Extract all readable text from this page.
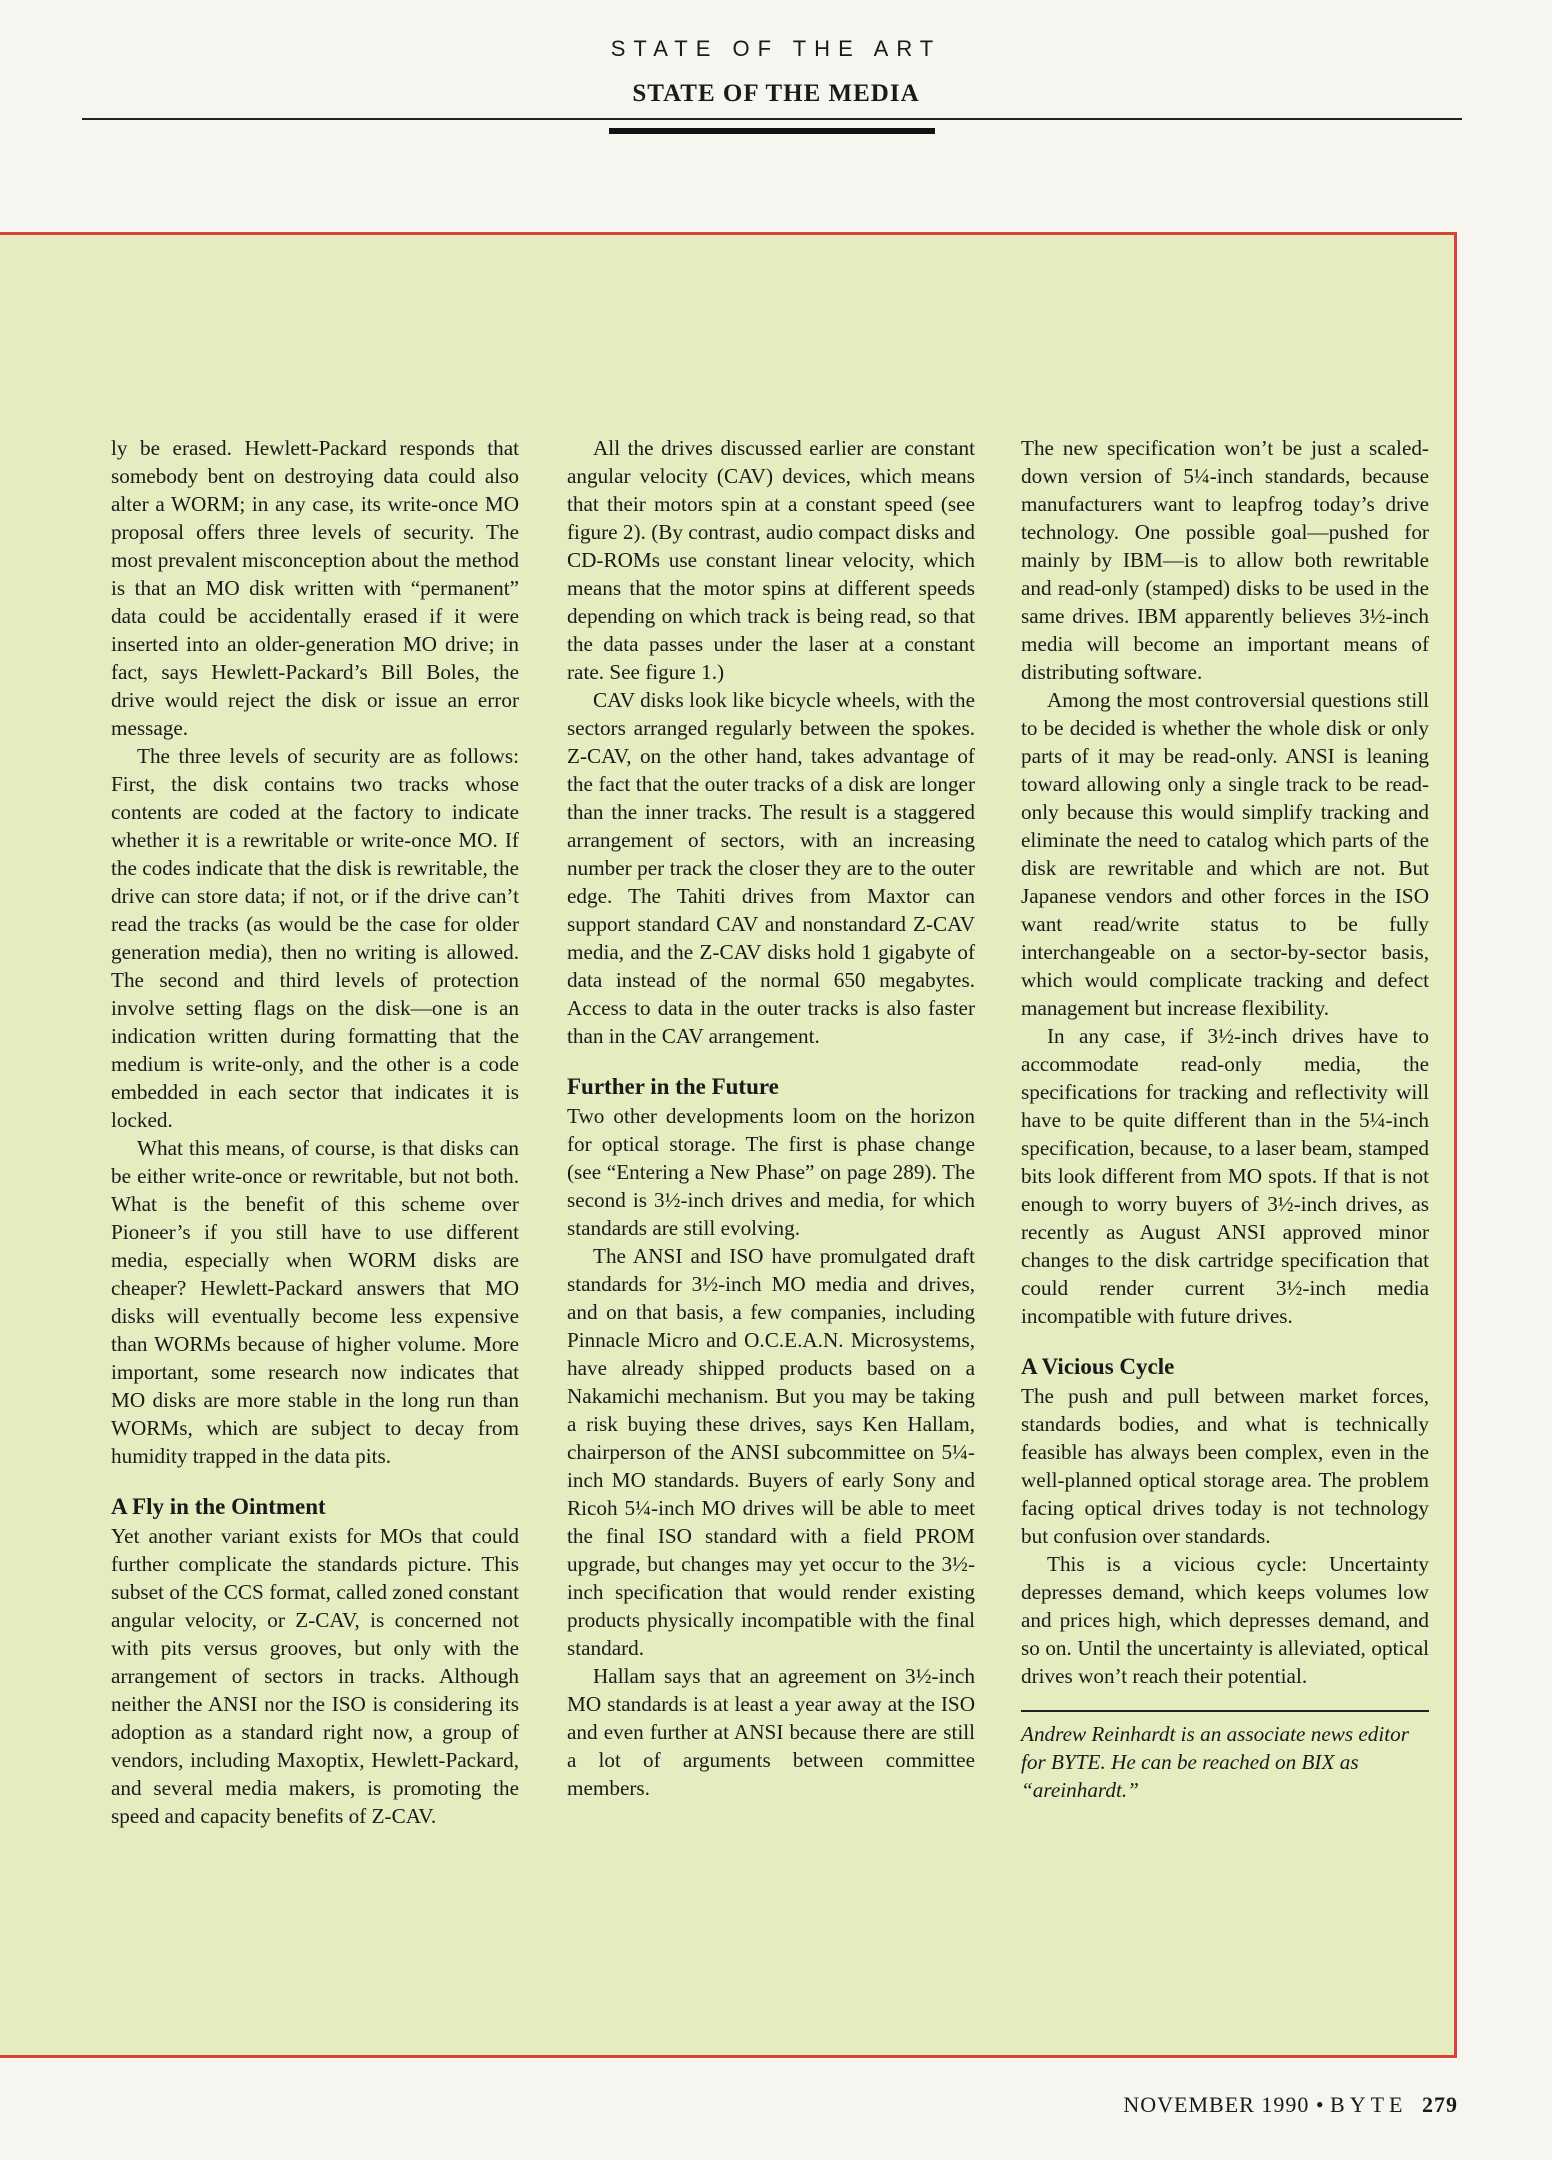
STATE OF THE ART
STATE OF THE MEDIA

ly be erased. Hewlett-Packard responds that somebody bent on destroying data could also alter a WORM; in any case, its write-once MO proposal offers three levels of security. The most prevalent misconception about the method is that an MO disk written with “permanent” data could be accidentally erased if it were inserted into an older-generation MO drive; in fact, says Hewlett-Packard’s Bill Boles, the drive would reject the disk or issue an error message.

The three levels of security are as follows: First, the disk contains two tracks whose contents are coded at the factory to indicate whether it is a rewritable or write-once MO. If the codes indicate that the disk is rewritable, the drive can store data; if not, or if the drive can’t read the tracks (as would be the case for older generation media), then no writing is allowed. The second and third levels of protection involve setting flags on the disk—one is an indication written during formatting that the medium is write-only, and the other is a code embedded in each sector that indicates it is locked.

What this means, of course, is that disks can be either write-once or rewritable, but not both. What is the benefit of this scheme over Pioneer’s if you still have to use different media, especially when WORM disks are cheaper? Hewlett-Packard answers that MO disks will eventually become less expensive than WORMs because of higher volume. More important, some research now indicates that MO disks are more stable in the long run than WORMs, which are subject to decay from humidity trapped in the data pits.

A Fly in the Ointment

Yet another variant exists for MOs that could further complicate the standards picture. This subset of the CCS format, called zoned constant angular velocity, or Z-CAV, is concerned not with pits versus grooves, but only with the arrangement of sectors in tracks. Although neither the ANSI nor the ISO is considering its adoption as a standard right now, a group of vendors, including Maxoptix, Hewlett-Packard, and several media makers, is promoting the speed and capacity benefits of Z-CAV.

All the drives discussed earlier are constant angular velocity (CAV) devices, which means that their motors spin at a constant speed (see figure 2). (By contrast, audio compact disks and CD-ROMs use constant linear velocity, which means that the motor spins at different speeds depending on which track is being read, so that the data passes under the laser at a constant rate. See figure 1.)

CAV disks look like bicycle wheels, with the sectors arranged regularly between the spokes. Z-CAV, on the other hand, takes advantage of the fact that the outer tracks of a disk are longer than the inner tracks. The result is a staggered arrangement of sectors, with an increasing number per track the closer they are to the outer edge. The Tahiti drives from Maxtor can support standard CAV and nonstandard Z-CAV media, and the Z-CAV disks hold 1 gigabyte of data instead of the normal 650 megabytes. Access to data in the outer tracks is also faster than in the CAV arrangement.

Further in the Future

Two other developments loom on the horizon for optical storage. The first is phase change (see “Entering a New Phase” on page 289). The second is 3½-inch drives and media, for which standards are still evolving.

The ANSI and ISO have promulgated draft standards for 3½-inch MO media and drives, and on that basis, a few companies, including Pinnacle Micro and O.C.E.A.N. Microsystems, have already shipped products based on a Nakamichi mechanism. But you may be taking a risk buying these drives, says Ken Hallam, chairperson of the ANSI subcommittee on 5¼-inch MO standards. Buyers of early Sony and Ricoh 5¼-inch MO drives will be able to meet the final ISO standard with a field PROM upgrade, but changes may yet occur to the 3½-inch specification that would render existing products physically incompatible with the final standard.

Hallam says that an agreement on 3½-inch MO standards is at least a year away at the ISO and even further at ANSI because there are still a lot of arguments between committee members.

The new specification won’t be just a scaled-down version of 5¼-inch standards, because manufacturers want to leapfrog today’s drive technology. One possible goal—pushed for mainly by IBM—is to allow both rewritable and read-only (stamped) disks to be used in the same drives. IBM apparently believes 3½-inch media will become an important means of distributing software.

Among the most controversial questions still to be decided is whether the whole disk or only parts of it may be read-only. ANSI is leaning toward allowing only a single track to be read-only because this would simplify tracking and eliminate the need to catalog which parts of the disk are rewritable and which are not. But Japanese vendors and other forces in the ISO want read/write status to be fully interchangeable on a sector-by-sector basis, which would complicate tracking and defect management but increase flexibility.

In any case, if 3½-inch drives have to accommodate read-only media, the specifications for tracking and reflectivity will have to be quite different than in the 5¼-inch specification, because, to a laser beam, stamped bits look different from MO spots. If that is not enough to worry buyers of 3½-inch drives, as recently as August ANSI approved minor changes to the disk cartridge specification that could render current 3½-inch media incompatible with future drives.

A Vicious Cycle

The push and pull between market forces, standards bodies, and what is technically feasible has always been complex, even in the well-planned optical storage area. The problem facing optical drives today is not technology but confusion over standards.

This is a vicious cycle: Uncertainty depresses demand, which keeps volumes low and prices high, which depresses demand, and so on. Until the uncertainty is alleviated, optical drives won’t reach their potential.

Andrew Reinhardt is an associate news editor for BYTE. He can be reached on BIX as “areinhardt.”

NOVEMBER 1990 • BYTE 279
